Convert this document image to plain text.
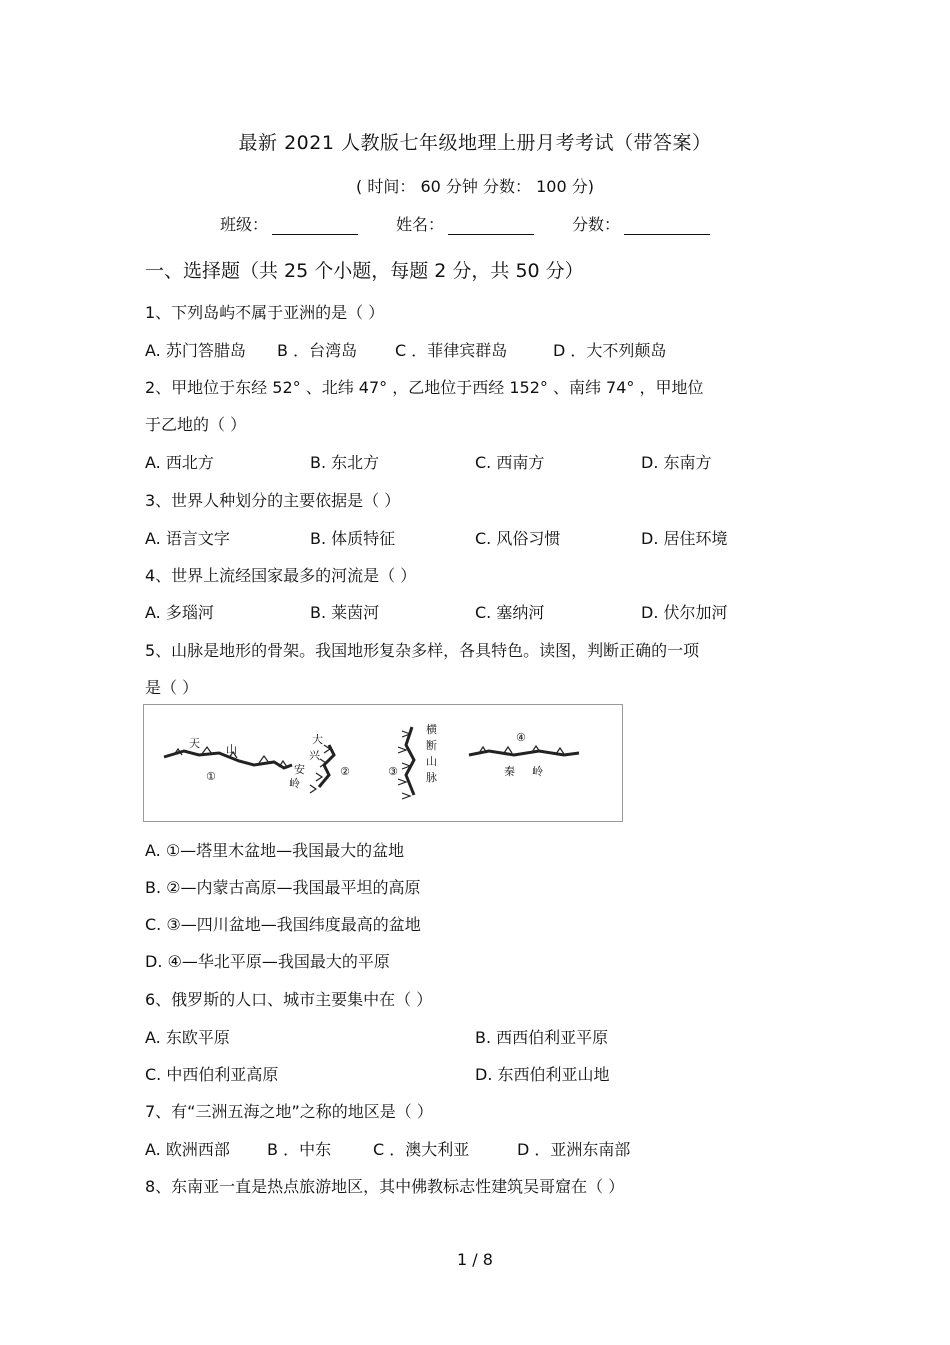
最新 2021 人教版七年级地理上册月考考试（带答案）
( 时间： 60 分钟 分数： 100 分)
班级：	姓名：	分数：
一、选择题（共 25 个小题，每题 2 分，共 50 分）
1、下列岛屿不属于亚洲的是（ ）
A. 苏门答腊岛 B ．台湾岛 C ．菲律宾群岛	D ．大不列颠岛
2、甲地位于东经 52° 、北纬 47° ，乙地位于西经 152° 、南纬 74° ，甲地位
于乙地的（ ）
A. 西北方	B. 东北方	C. 西南方	D. 东南方
3、世界人种划分的主要依据是（ ）
A. 语言文字	B. 体质特征	C. 风俗习惯	D. 居住环境
4、世界上流经国家最多的河流是（ ）
A. 多瑙河	B. 莱茵河	C. 塞纳河	D. 伏尔加河
5、山脉是地形的骨架。我国地形复杂多样，各具特色。读图，判断正确的一项
是（ ）
天 山
①
大
兴
安
岭
②
横
断
山
脉
③
④
秦 岭
A. ①—塔里木盆地—我国最大的盆地
B. ②—内蒙古高原—我国最平坦的高原
C. ③—四川盆地—我国纬度最高的盆地
D. ④—华北平原—我国最大的平原
6、俄罗斯的人口、城市主要集中在（ ）
A. 东欧平原	B. 西西伯利亚平原
C. 中西伯利亚高原	D. 东西伯利亚山地
7、有“三洲五海之地”之称的地区是（ ）
A. 欧洲西部 B ．中东	C ．澳大利亚	D ．亚洲东南部
8、东南亚一直是热点旅游地区，其中佛教标志性建筑吴哥窟在（ ）
1 / 8
